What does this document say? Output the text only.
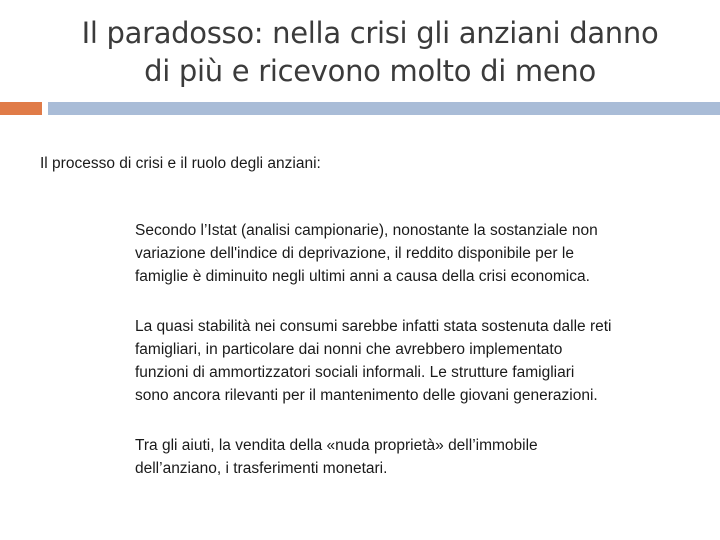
Il paradosso: nella crisi gli anziani danno
di più e ricevono molto di meno
Il processo di crisi e il ruolo degli anziani:
Secondo l’Istat (analisi campionarie), nonostante la sostanziale non
variazione dell'indice di deprivazione, il reddito disponibile per le
famiglie è diminuito negli ultimi anni a causa della crisi economica.
La quasi stabilità nei consumi sarebbe infatti stata sostenuta dalle reti
famigliari, in particolare dai nonni che avrebbero implementato
funzioni di ammortizzatori sociali informali. Le strutture famigliari
sono ancora rilevanti per il mantenimento delle giovani generazioni.
Tra gli aiuti, la vendita della «nuda proprietà» dell’immobile
dell’anziano, i trasferimenti monetari.
